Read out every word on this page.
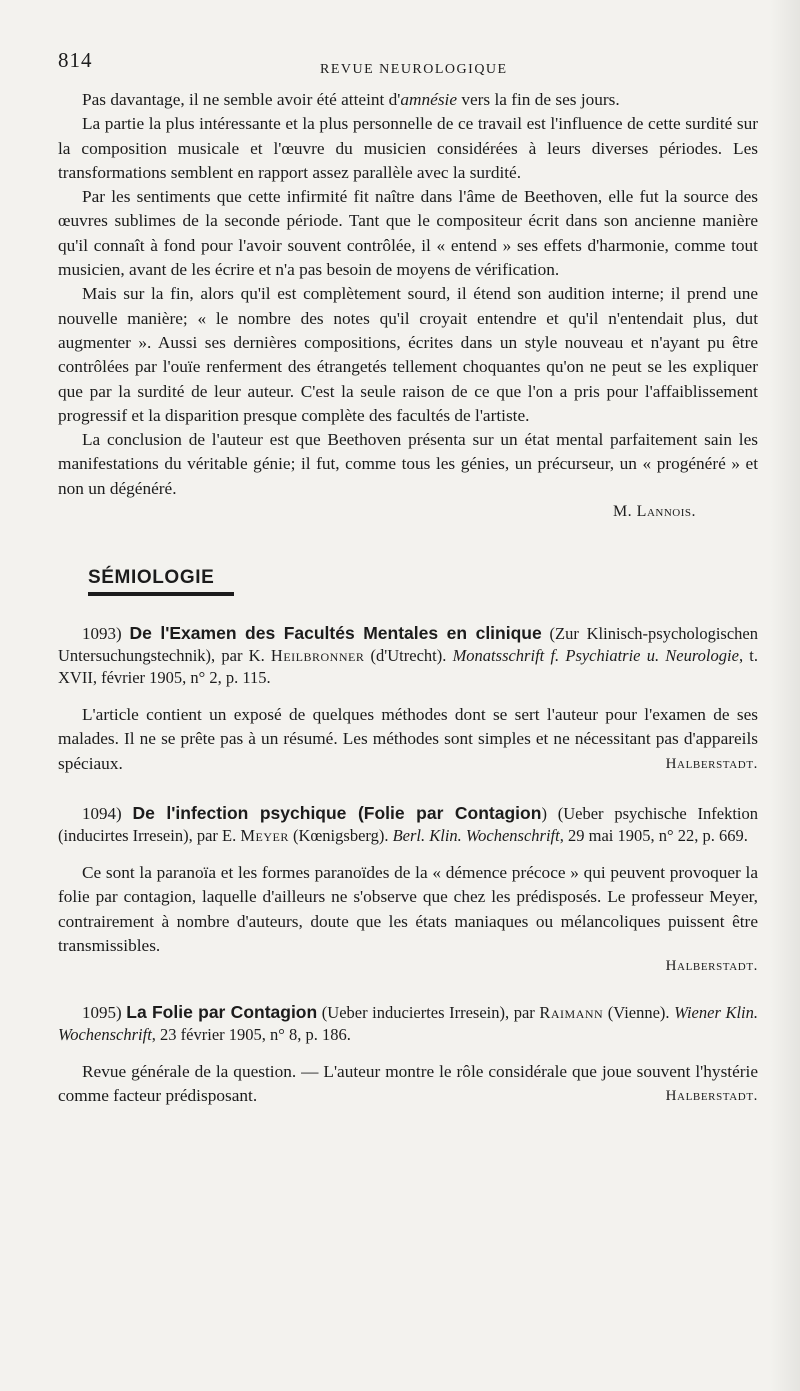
814	REVUE NEUROLOGIQUE

Pas davantage, il ne semble avoir été atteint d'amnésie vers la fin de ses jours.

La partie la plus intéressante et la plus personnelle de ce travail est l'influence de cette surdité sur la composition musicale et l'œuvre du musicien considérées à leurs diverses périodes. Les transformations semblent en rapport assez parallèle avec la surdité.

Par les sentiments que cette infirmité fit naître dans l'âme de Beethoven, elle fut la source des œuvres sublimes de la seconde période. Tant que le compositeur écrit dans son ancienne manière qu'il connaît à fond pour l'avoir souvent contrôlée, il « entend » ses effets d'harmonie, comme tout musicien, avant de les écrire et n'a pas besoin de moyens de vérification.

Mais sur la fin, alors qu'il est complètement sourd, il étend son audition interne; il prend une nouvelle manière; « le nombre des notes qu'il croyait entendre et qu'il n'entendait plus, dut augmenter ». Aussi ses dernières compositions, écrites dans un style nouveau et n'ayant pu être contrôlées par l'ouïe renferment des étrangetés tellement choquantes qu'on ne peut se les expliquer que par la surdité de leur auteur. C'est la seule raison de ce que l'on a pris pour l'affaiblissement progressif et la disparition presque complète des facultés de l'artiste.

La conclusion de l'auteur est que Beethoven présenta sur un état mental parfaitement sain les manifestations du véritable génie; il fut, comme tous les génies, un précurseur, un « progénéré » et non un dégénéré.

M. Lannois.

SÉMIOLOGIE
1093) De l'Examen des Facultés Mentales en clinique (Zur Klinisch-psychologischen Untersuchungstechnik), par K. Heilbronner (d'Utrecht). Monatsschrift f. Psychiatrie u. Neurologie, t. XVII, février 1905, n° 2, p. 115.

L'article contient un exposé de quelques méthodes dont se sert l'auteur pour l'examen de ses malades. Il ne se prête pas à un résumé. Les méthodes sont simples et ne nécessitant pas d'appareils spéciaux.	Halberstadt.

1094) De l'infection psychique (Folie par Contagion) (Ueber psychische Infektion (inducirtes Irresein), par E. Meyer (Kœnigsberg). Berl. Klin. Wochenschrift, 29 mai 1905, n° 22, p. 669.

Ce sont la paranoïa et les formes paranoïdes de la « démence précoce » qui peuvent provoquer la folie par contagion, laquelle d'ailleurs ne s'observe que chez les prédisposés. Le professeur Meyer, contrairement à nombre d'auteurs, doute que les états maniaques ou mélancoliques puissent être transmissibles.

Halberstadt.

1095) La Folie par Contagion (Ueber induciertes Irresein), par Raimann (Vienne). Wiener Klin. Wochenschrift, 23 février 1905, n° 8, p. 186.

Revue générale de la question. — L'auteur montre le rôle considérale que joue souvent l'hystérie comme facteur prédisposant.	Halberstadt.
